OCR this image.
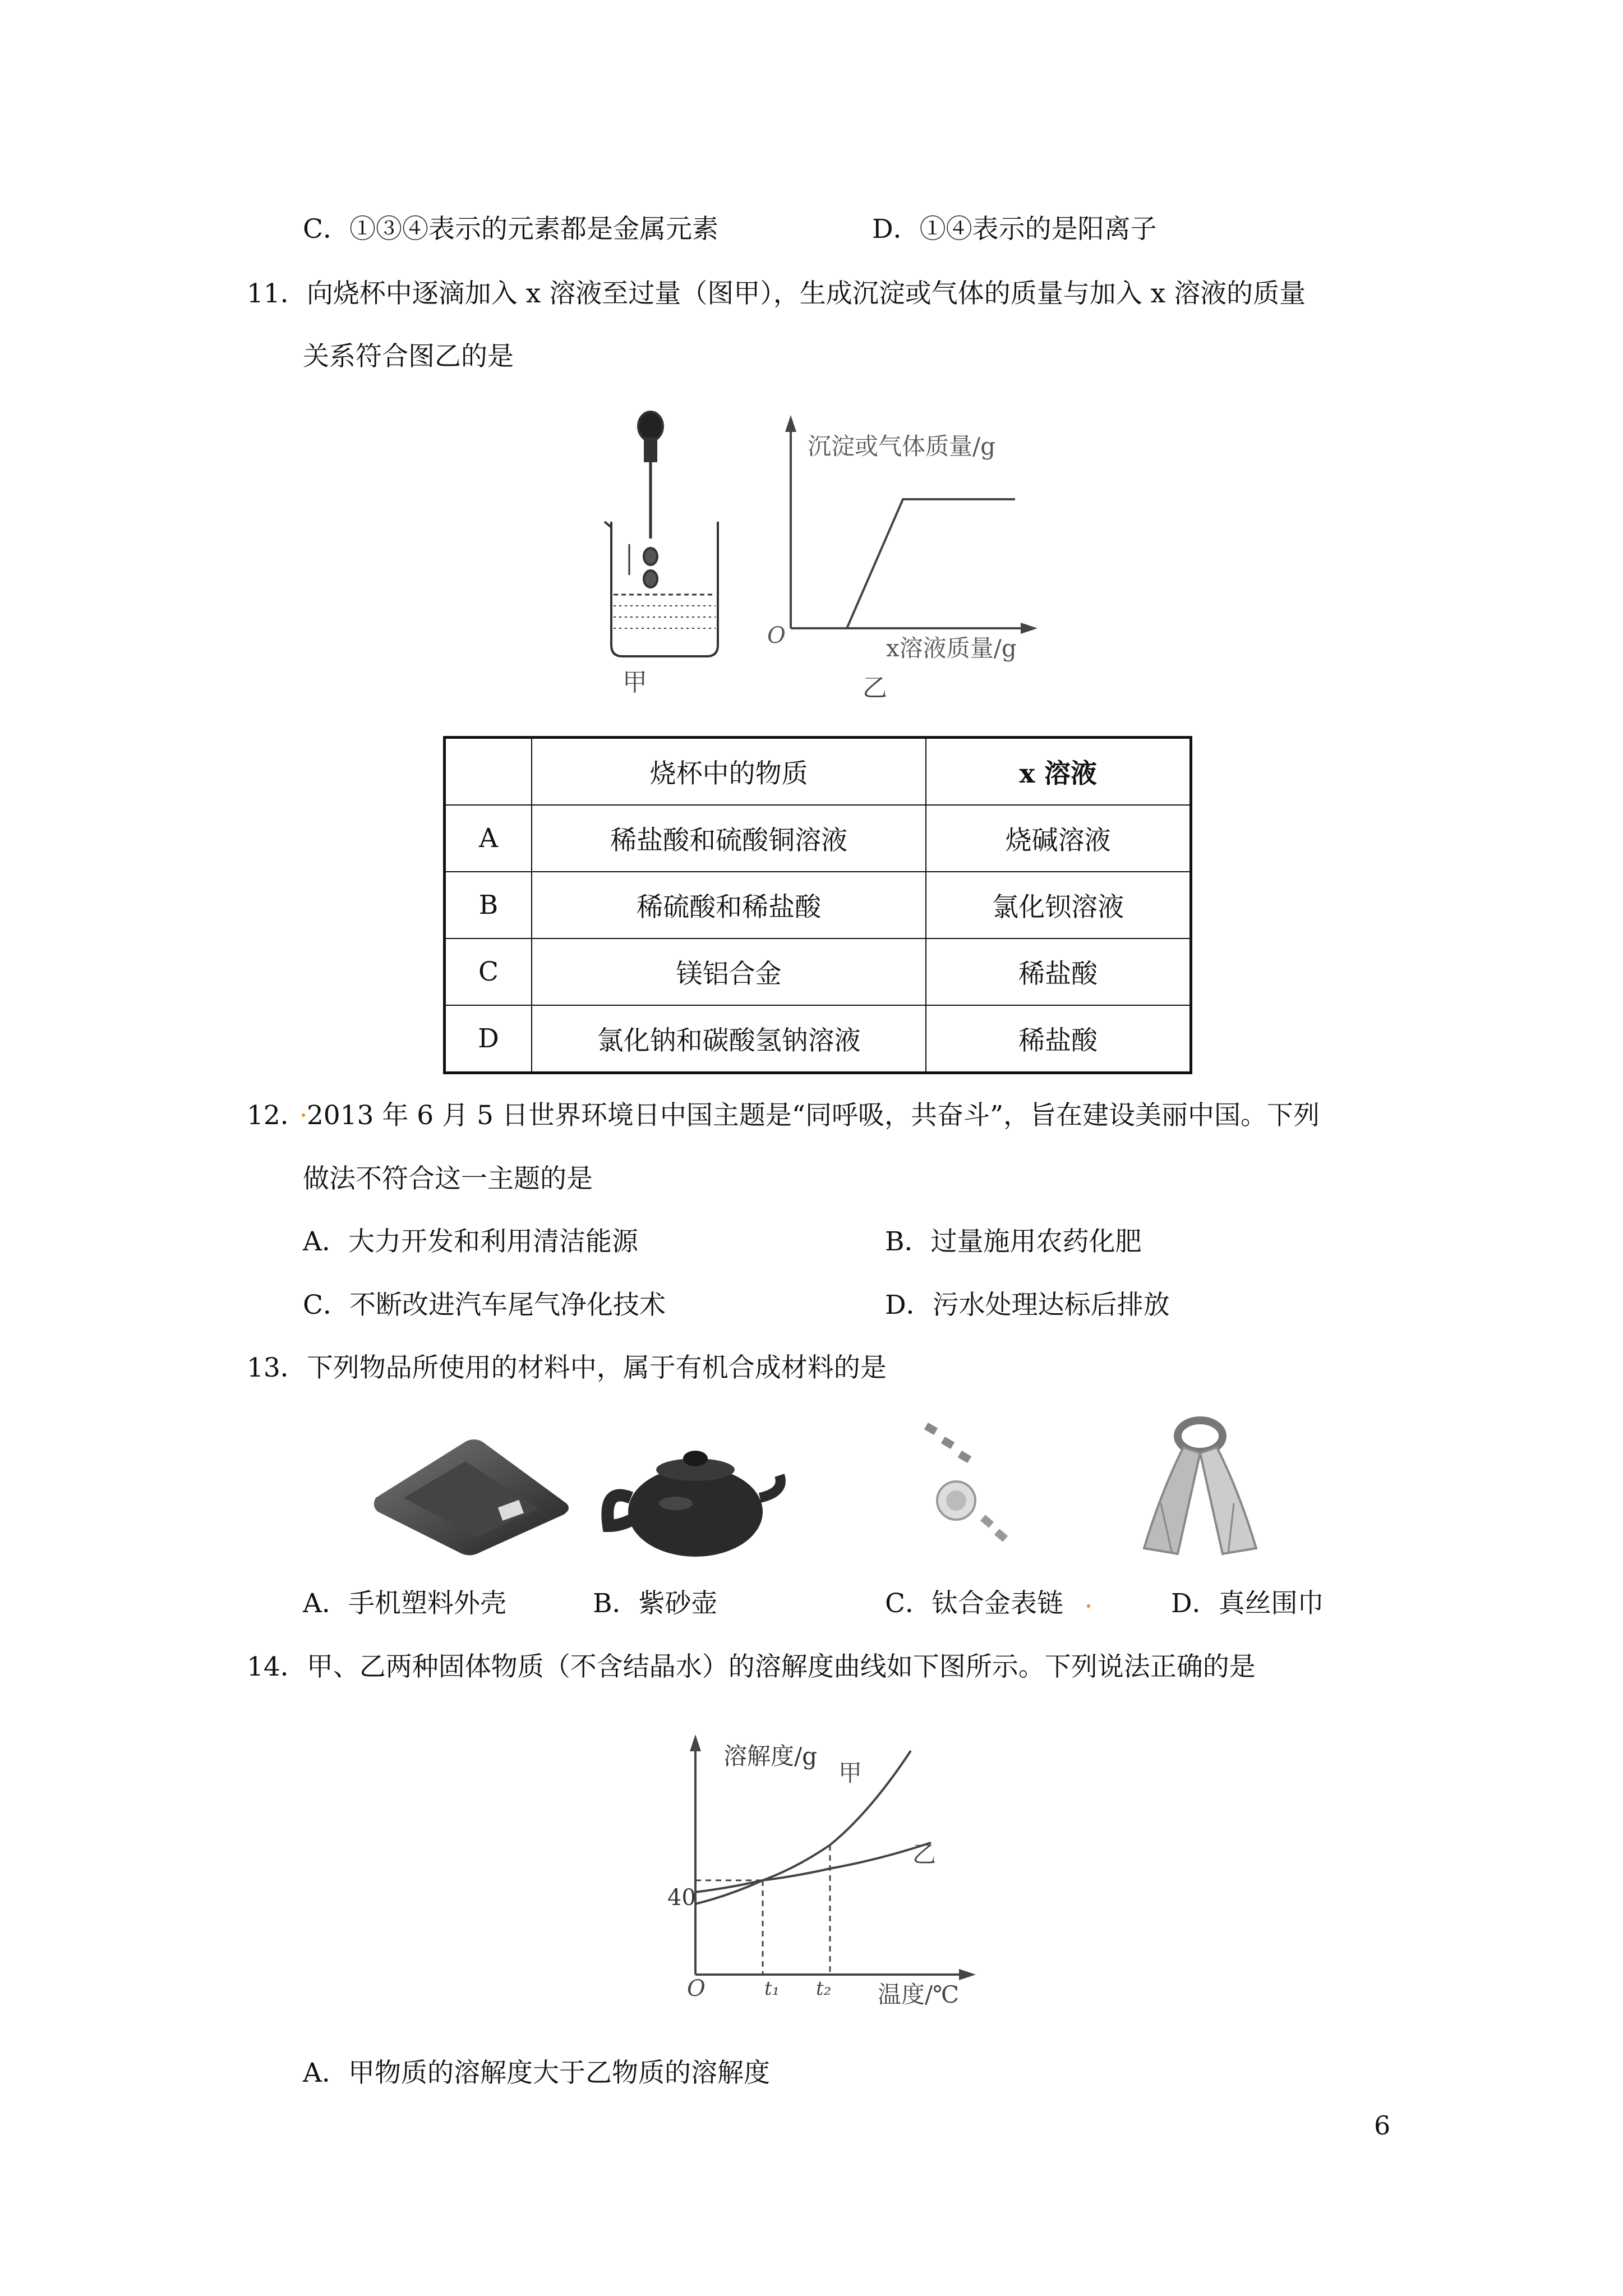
C．①③④表示的元素都是金属元素	D．①④表示的是阳离子
11．向烧杯中逐滴加入 x 溶液至过量（图甲），生成沉淀或气体的质量与加入 x 溶液的质量
关系符合图乙的是
甲
沉淀或气体质量/g
x溶液质量/g
O
乙
	烧杯中的物质	x 溶液
A	稀盐酸和硫酸铜溶液	烧碱溶液
B	稀硫酸和稀盐酸	氯化钡溶液
C	镁铝合金	稀盐酸
D	氯化钠和碳酸氢钠溶液	稀盐酸
12．2013 年 6 月 5 日世界环境日中国主题是“同呼吸，共奋斗”，旨在建设美丽中国。下列
做法不符合这一主题的是
A．大力开发和利用清洁能源	B．过量施用农药化肥
C．不断改进汽车尾气净化技术	D．污水处理达标后排放
13．下列物品所使用的材料中，属于有机合成材料的是
A．手机塑料外壳	B．紫砂壶	C．钛合金表链	D．真丝围巾
14．甲、乙两种固体物质（不含结晶水）的溶解度曲线如下图所示。下列说法正确的是
溶解度/g
甲
乙
40
O	t₁ t₂ 温度/℃
A．甲物质的溶解度大于乙物质的溶解度
6
